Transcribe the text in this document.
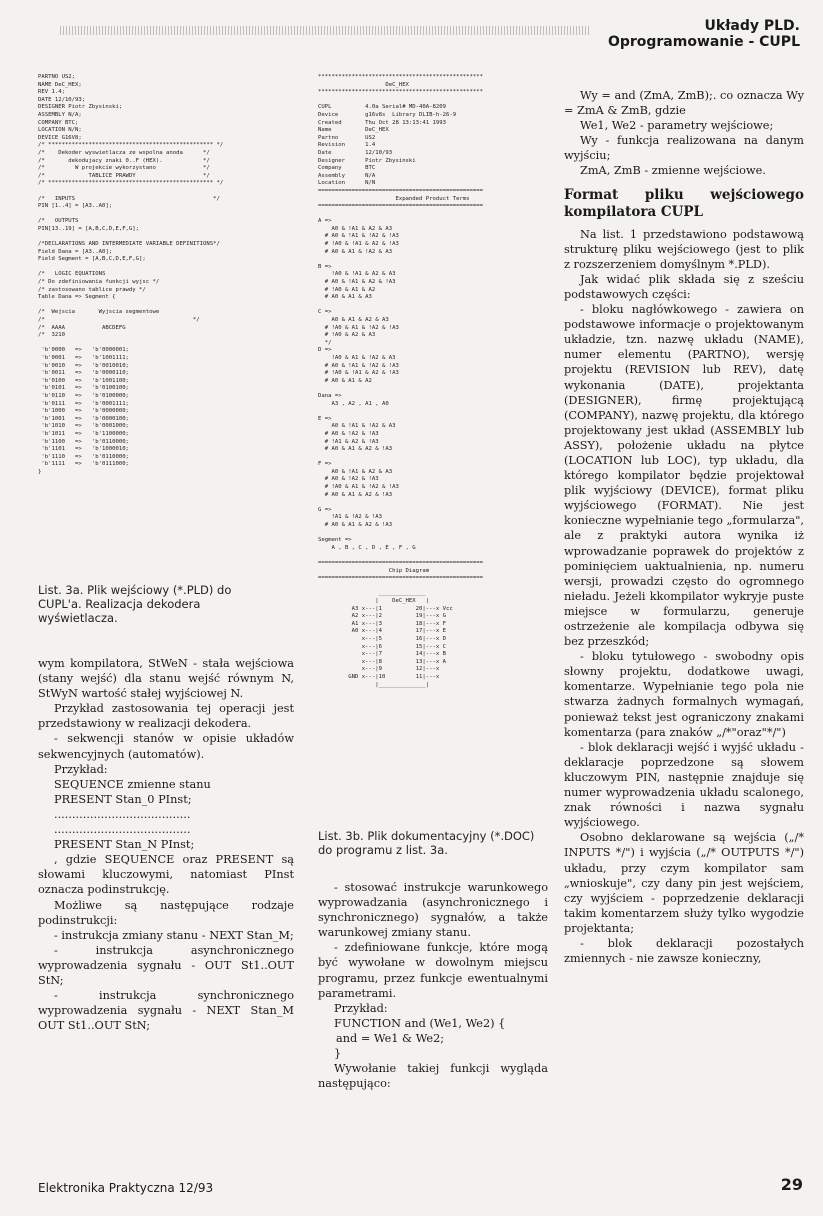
Układy PLD. Oprogramowanie - CUPL
PARTNO US2;
NAME DeC_HEX;
REV 1.4;
DATE 12/10/93;
DESIGNER Piotr Zbysinski;
ASSEMBLY N/A;
COMPANY BTC;
LOCATION N/N;
DEVICE G16V8;
/* ************************************************* */
/*    Dekoder wyswietlacza ze wspolna anoda      */
/*       dekodujacy znaki 0..F (HEX).            */
/*         W projekcie wykorzystano              */
/*             TABLICE PRAWDY                    */
/* ************************************************* */

/*   INPUTS                                         */
PIN [1..4] = [A3..A0];

/*   OUTPUTS
PIN[13..19] = [A,B,C,D,E,F,G];

/*DECLARATIONS AND INTERMEDIATE VARIABLE DEFINITIONS*/
Field Dana = [A3..A0];
Field Segment = [A,B,C,D,E,F,G];

/*   LOGIC EQUATIONS
/* Do zdefiniowania funkcji wyjsc */
/* zastosowano tablice prawdy */
Table Dana => Segment {

/*  Wejscia       Wyjscia segmentowe
/*                                            */
/*  AAAA           ABCDEFG
/*  3210

'b'0000   =>   'b'0000001;
'b'0001   =>   'b'1001111;
'b'0010   =>   'b'0010010;
'b'0011   =>   'b'0000110;
'b'0100   =>   'b'1001100;
'b'0101   =>   'b'0100100;
'b'0110   =>   'b'0100000;
'b'0111   =>   'b'0001111;
'b'1000   =>   'b'0000000;
'b'1001   =>   'b'0000100;
'b'1010   =>   'b'0001000;
'b'1011   =>   'b'1100000;
'b'1100   =>   'b'0110000;
'b'1101   =>   'b'1000010;
'b'1110   =>   'b'0110000;
'b'1111   =>   'b'0111000;
}
List. 3a. Plik wejściowy (*.PLD) do CUPL'a. Realizacja dekodera wyświetlacza.
*************************************************
DeC_HEX
*************************************************

CUPL          4.0a Serial# MD-40A-8209
Device        g16v8s  Library DLIB-h-26-9
Created       Thu Oct 28 13:13:41 1993
Name          DeC_HEX
Partno        US2
Revision      1.4
Date          12/10/93
Designer      Piotr Zbysinski
Company       BTC
Assembly      N/A
Location      N/N
=================================================
Expanded Product Terms
=================================================

A =>
A0 & !A1 & A2 & A3
# A0 & !A1 & !A2 & !A3
# !A0 & !A1 & A2 & !A3
# A0 & A1 & !A2 & A3

B =>
!A0 & !A1 & A2 & A3
# A0 & !A1 & A2 & !A3
# !A0 & A1 & A2
# A0 & A1 & A3

C =>
A0 & A1 & A2 & A3
# !A0 & A1 & !A2 & !A3
# !A0 & A2 & A3
*/
D =>
!A0 & A1 & !A2 & A3
# A0 & !A1 & !A2 & !A3
# !A0 & !A1 & A2 & !A3
# A0 & A1 & A2

Dana =>
A3 , A2 , A1 , A0

E =>
A0 & !A1 & !A2 & A3
# A0 & !A2 & !A3
# !A1 & A2 & !A3
# A0 & A1 & A2 & !A3

F =>
A0 & !A1 & A2 & A3
# A0 & !A2 & !A3
# !A0 & A1 & !A2 & !A3
# A0 & A1 & A2 & !A3

G =>
!A1 & !A2 & !A3
# A0 & A1 & A2 & !A3

Segment =>
A , B , C , D , E , F , G

=================================================
Chip Diagram
=================================================

______________
|    DeC_HEX   |
A3 x---|1          20|---x Vcc
A2 x---|2          19|---x G
A1 x---|3          18|---x F
A0 x---|4          17|---x E
x---|5          16|---x D
x---|6          15|---x C
x---|7          14|---x B
x---|8          13|---x A
x---|9          12|---x
GND x---|10         11|---x
|______________|
List. 3b. Plik dokumentacyjny (*.DOC) do programu z list. 3a.

wym kompilatora, StWeN - stała wejściowa (stany wejść) dla stanu wejść równym N, StWyN wartość stałej wyjściowej N.

Przykład zastosowania tej operacji jest przedstawiony w realizacji dekodera.

- sekwencji stanów w opisie układów sekwencyjnych (automatów).

Przykład:

SEQUENCE zmienne stanu

PRESENT Stan_0 PInst;

......................................

......................................

PRESENT Stan_N PInst;

, gdzie SEQUENCE oraz PRESENT są słowami kluczowymi, natomiast PInst oznacza podinstrukcję.

Możliwe są następujące rodzaje podinstrukcji:

- instrukcja zmiany stanu - NEXT Stan_M;

- instrukcja asynchronicznego wyprowadzenia sygnału - OUT St1..OUT StN;

- instrukcja synchronicznego wyprowadzenia sygnału - NEXT Stan_M OUT St1..OUT StN;

- stosować instrukcje warunkowego wyprowadzania (asynchronicznego i synchronicznego) sygnałów, a także warunkowej zmiany stanu.

- zdefiniowane funkcje, które mogą być wywołane w dowolnym miejscu programu, przez funkcje ewentualnymi parametrami.

Przykład:

FUNCTION and (We1, We2) {

and = We1 & We2;

}

Wywołanie takiej funkcji wygląda następująco:

Wy = and (ZmA, ZmB);. co oznacza Wy = ZmA & ZmB, gdzie

We1, We2 - parametry wejściowe;

Wy - funkcja realizowana na danym wyjściu;

ZmA, ZmB - zmienne wejściowe.

Format pliku wejściowego kompilatora CUPL

Na list. 1 przedstawiono podstawową strukturę pliku wejściowego (jest to plik z rozszerzeniem domyślnym *.PLD).

Jak widać plik składa się z sześciu podstawowych części:

- bloku nagłówkowego - zawiera on podstawowe informacje o projektowanym układzie, tzn. nazwę układu (NAME), numer elementu (PARTNO), wersję projektu (REVISION lub REV), datę wykonania (DATE), projektanta (DESIGNER), firmę projektującą (COMPANY), nazwę projektu, dla którego projektowany jest układ (ASSEMBLY lub ASSY), położenie układu na płytce (LOCATION lub LOC), typ układu, dla którego kompilator będzie projektował plik wyjściowy (DEVICE), format pliku wyjściowego (FORMAT). Nie jest konieczne wypełnianie tego „formularza", ale z praktyki autora wynika iż wprowadzanie poprawek do projektów z pominięciem uaktualnienia, np. numeru wersji, prowadzi często do ogromnego nieładu. Jeżeli kkompilator wykryje puste miejsce w formularzu, generuje ostrzeżenie ale kompilacja odbywa się bez przeszkód;

- bloku tytułowego - swobodny opis słowny projektu, dodatkowe uwagi, komentarze. Wypełnianie tego pola nie stwarza żadnych formalnych wymagań, ponieważ tekst jest ograniczony znakami komentarza (para znaków „/*"oraz"*/")

- blok deklaracji wejść i wyjść układu - deklaracje poprzedzone są słowem kluczowym PIN, następnie znajduje się numer wyprowadzenia układu scalonego, znak równości i nazwa sygnału wyjściowego.

Osobno deklarowane są wejścia („/* INPUTS */") i wyjścia („/* OUTPUTS */") układu, przy czym kompilator sam „wnioskuje", czy dany pin jest wejściem, czy wyjściem - poprzedzenie deklaracji takim komentarzem służy tylko wygodzie projektanta;

- blok deklaracji pozostałych zmiennych - nie zawsze konieczny,

Elektronika Praktyczna 12/93	29
